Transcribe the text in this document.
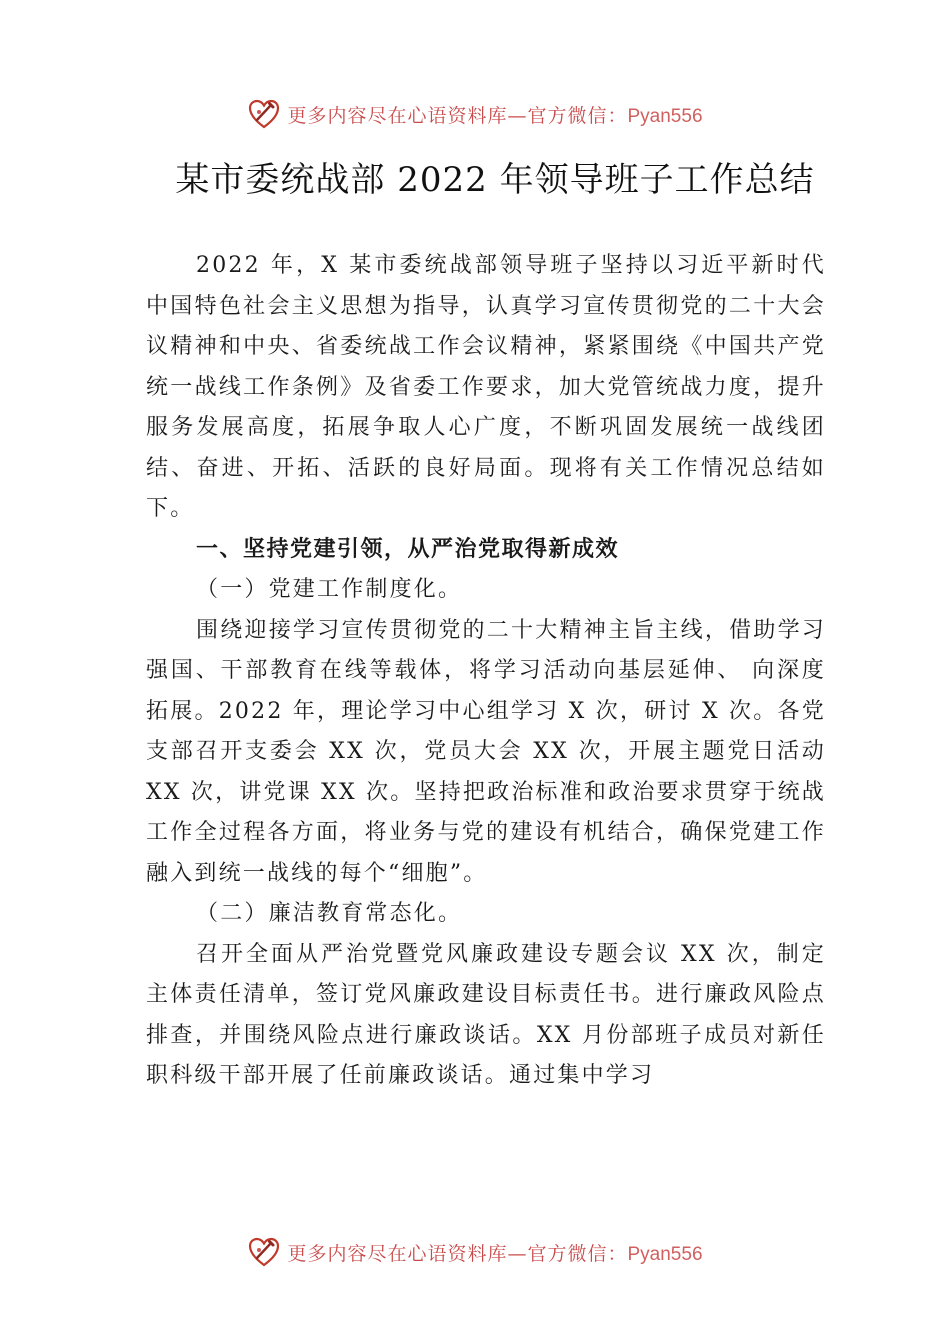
更多内容尽在心语资料库—官方微信：Pyan556
某市委统战部 2022 年领导班子工作总结

2022 年，X 某市委统战部领导班子坚持以习近平新时代中国特色社会主义思想为指导，认真学习宣传贯彻党的二十大会议精神和中央、省委统战工作会议精神，紧紧围绕《中国共产党统一战线工作条例》及省委工作要求，加大党管统战力度，提升服务发展高度，拓展争取人心广度，不断巩固发展统一战线团结、奋进、开拓、活跃的良好局面。现将有关工作情况总结如下。

一、坚持党建引领，从严治党取得新成效

（一）党建工作制度化。

围绕迎接学习宣传贯彻党的二十大精神主旨主线，借助学习强国、干部教育在线等载体，将学习活动向基层延伸、 向深度拓展。2022 年，理论学习中心组学习 X 次，研讨 X 次。各党支部召开支委会 XX 次，党员大会 XX 次，开展主题党日活动 XX 次，讲党课 XX 次。坚持把政治标准和政治要求贯穿于统战工作全过程各方面，将业务与党的建设有机结合，确保党建工作融入到统一战线的每个“细胞”。

（二）廉洁教育常态化。

召开全面从严治党暨党风廉政建设专题会议 XX 次，制定主体责任清单，签订党风廉政建设目标责任书。进行廉政风险点排查，并围绕风险点进行廉政谈话。XX 月份部班子成员对新任职科级干部开展了任前廉政谈话。通过集中学习

更多内容尽在心语资料库—官方微信：Pyan556
